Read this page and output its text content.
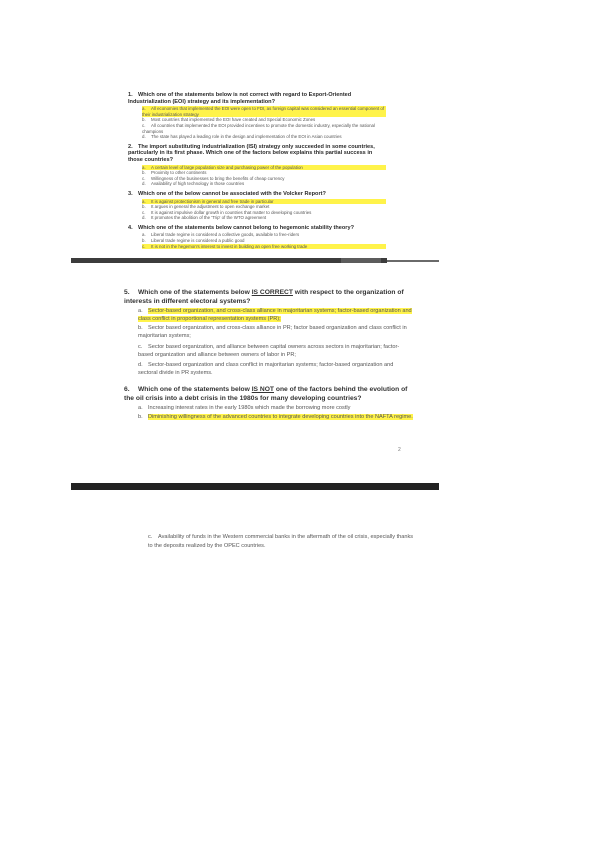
1. Which one of the statements below is not correct with regard to Export-Oriented Industrialization (EOI) strategy and its implementation?
a. All economies that implemented the EOI were open to FDI, as foreign capital was considered an essential component of their industrialization strategy
b. Most countries that implemented the EOI have created and Special Economic Zones
c. All countries that implemented the EOI provided incentives to promote the domestic industry, especially the national champions
d. The state has played a leading role in the design and implementation of the EOI in Asian countries
2. The import substituting industrialization (ISI) strategy only succeeded in some countries, particularly in its first phase. Which one of the factors below explains this partial success in those countries?
a. A certain level of large population size and purchasing power of the population
b. Proximity to other continents
c. Willingness of the businesses to bring the benefits of cheap currency
d. Availability of high technology in those countries
3. Which one of the below cannot be associated with the Volcker Report?
a. It is against protectionism in general and free trade in particular
b. It argues in general the adjustment to open exchange market
c. It is against impulsive dollar growth in countries that matter to developing countries
d. It promotes the abolition of the 'Trip' of the WTO agreement
4. Which one of the statements below cannot belong to hegemonic stability theory?
a. Liberal trade regime is considered a collective goods, available to free-riders
b. Liberal trade regime is considered a public good
c. It is not in the hegemon's interest to invest in building an open free working trade
5. Which one of the statements below IS CORRECT with respect to the organization of interests in different electoral systems?
a. Sector-based organization, and cross-class alliance in majoritarian systems; factor-based organization and class conflict in proportional representation systems (PR);
b. Sector based organization, and cross-class alliance in PR; factor based organization and class conflict in majoritarian systems;
c. Sector based organization, and alliance between capital owners across sectors in majoritarian; factor-based organization and alliance between owners of labor in PR;
d. Sector-based organization and class conflict in majoritarian systems; factor-based organization and sectoral divide in PR systems.
6. Which one of the statements below IS NOT one of the factors behind the evolution of the oil crisis into a debt crisis in the 1980s for many developing countries?
a. Increasing interest rates in the early 1980s which made the borrowing more costly
b. Diminishing willingness of the advanced countries to integrate developing countries into the NAFTA regime.
2
c. Availability of funds in the Western commercial banks in the aftermath of the oil crisis, especially thanks to the deposits realized by the OPEC countries.
